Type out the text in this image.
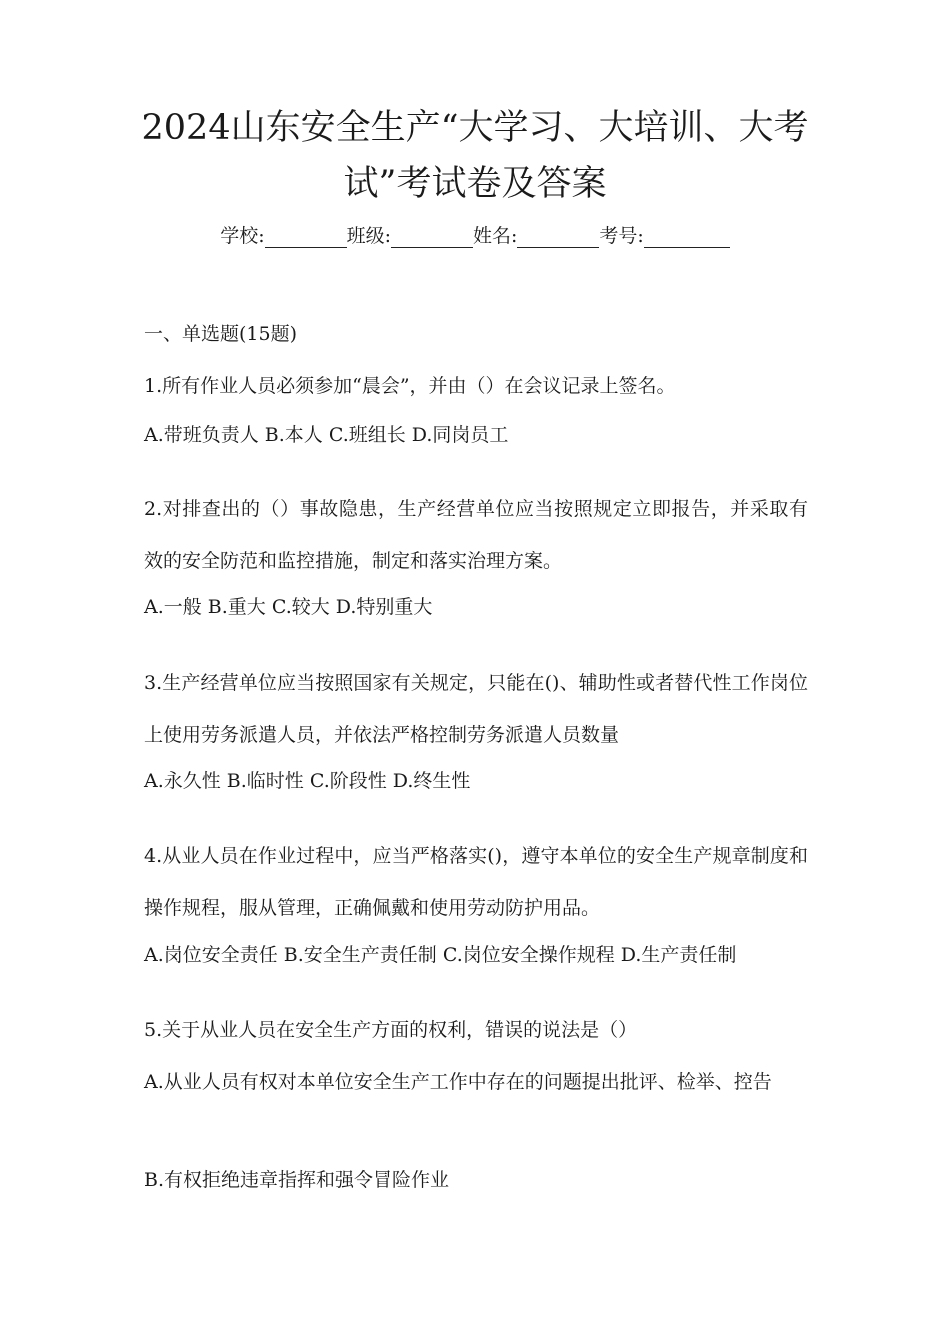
2024山东安全生产“大学习、大培训、大考试”考试卷及答案
学校:	班级:	姓名:	考号:

一、单选题(15题)

1.所有作业人员必须参加“晨会”，并由（）在会议记录上签名。

A.带班负责人 B.本人 C.班组长 D.同岗员工

2.对排查出的（）事故隐患，生产经营单位应当按照规定立即报告，并采取有效的安全防范和监控措施，制定和落实治理方案。

A.一般 B.重大 C.较大 D.特别重大

3.生产经营单位应当按照国家有关规定，只能在()、辅助性或者替代性工作岗位上使用劳务派遣人员，并依法严格控制劳务派遣人员数量

A.永久性 B.临时性 C.阶段性 D.终生性

4.从业人员在作业过程中，应当严格落实()，遵守本单位的安全生产规章制度和操作规程，服从管理，正确佩戴和使用劳动防护用品。

A.岗位安全责任 B.安全生产责任制 C.岗位安全操作规程 D.生产责任制

5.关于从业人员在安全生产方面的权利，错误的说法是（）

A.从业人员有权对本单位安全生产工作中存在的问题提出批评、检举、控告

B.有权拒绝违章指挥和强令冒险作业
